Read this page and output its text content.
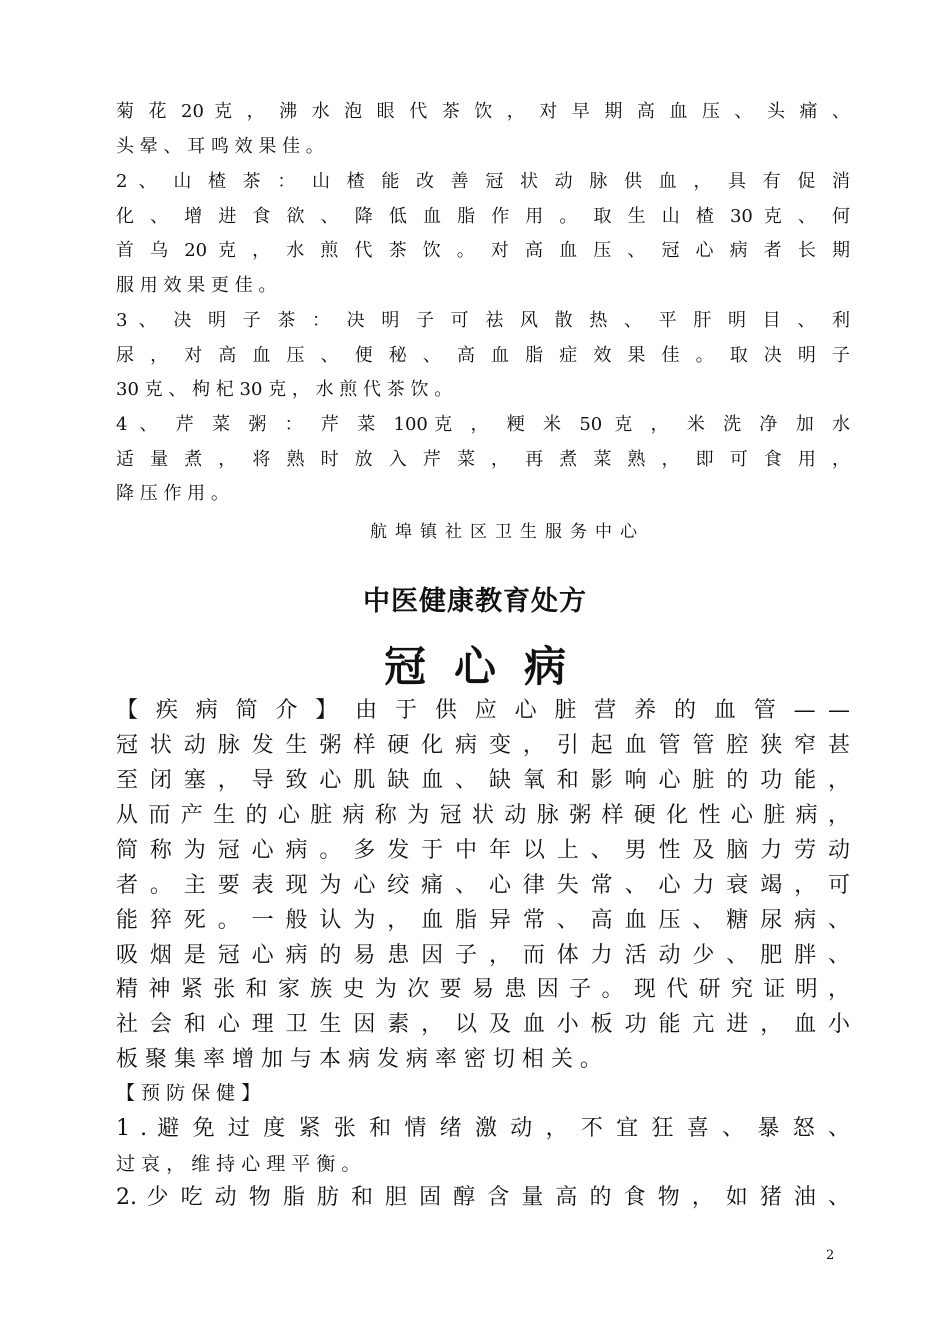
菊 花 20 克 ， 沸 水 泡 眼 代 茶 饮 ， 对 早 期 高 血 压 、 头 痛 、
头 晕 、 耳 鸣 效 果 佳 。
2 、 山 楂 茶 ： 山 楂 能 改 善 冠 状 动 脉 供 血 ， 具 有 促 消
化 、 增 进 食 欲 、 降 低 血 脂 作 用 。 取 生 山 楂 30 克 、 何
首 乌 20 克 ， 水 煎 代 茶 饮 。 对 高 血 压 、 冠 心 病 者 长 期
服 用 效 果 更 佳 。
3 、 决 明 子 茶 ： 决 明 子 可 祛 风 散 热 、 平 肝 明 目 、 利
尿 ， 对 高 血 压 、 便 秘 、 高 血 脂 症 效 果 佳 。 取 决 明 子
30 克 、 枸 杞 30 克 ， 水 煎 代 茶 饮 。
4 、 芹 菜 粥 ： 芹 菜 100克 ， 粳 米 50 克 ， 米 洗 净 加 水
适 量 煮 ， 将 熟 时 放 入 芹 菜 ， 再 煮 菜 熟 ， 即 可 食 用 ，
降 压 作 用 。
航埠镇社区卫生服务中心
中医健康教育处方
冠心病
【 疾 病 简 介 】 由 于 供 应 心 脏 营 养 的 血 管 — —
冠 状 动 脉 发 生 粥 样 硬 化 病 变 ， 引 起 血 管 管 腔 狭 窄 甚
至 闭 塞 ， 导 致 心 肌 缺 血 、 缺 氧 和 影 响 心 脏 的 功 能 ，
从 而 产 生 的 心 脏 病 称 为 冠 状 动 脉 粥 样 硬 化 性 心 脏 病 ，
简 称 为 冠 心 病 。 多 发 于 中 年 以 上 、 男 性 及 脑 力 劳 动
者 。 主 要 表 现 为 心 绞 痛 、 心 律 失 常 、 心 力 衰 竭 ， 可
能 猝 死 。 一 般 认 为 ， 血 脂 异 常 、 高 血 压 、 糖 尿 病 、
吸 烟 是 冠 心 病 的 易 患 因 子 ， 而 体 力 活 动 少 、 肥 胖 、
精 神 紧 张 和 家 族 史 为 次 要 易 患 因 子 。 现 代 研 究 证 明 ，
社 会 和 心 理 卫 生 因 素 ， 以 及 血 小 板 功 能 亢 进 ， 血 小
板 聚 集 率 增 加 与 本 病 发 病 率 密 切 相 关 。
【 预 防 保 健 】
1 . 避 免 过 度 紧 张 和 情 绪 激 动 ， 不 宜 狂 喜 、 暴 怒 、
过 哀 ， 维 持 心 理 平 衡 。
2. 少 吃 动 物 脂 肪 和 胆 固 醇 含 量 高 的 食 物 ， 如 猪 油 、
2
